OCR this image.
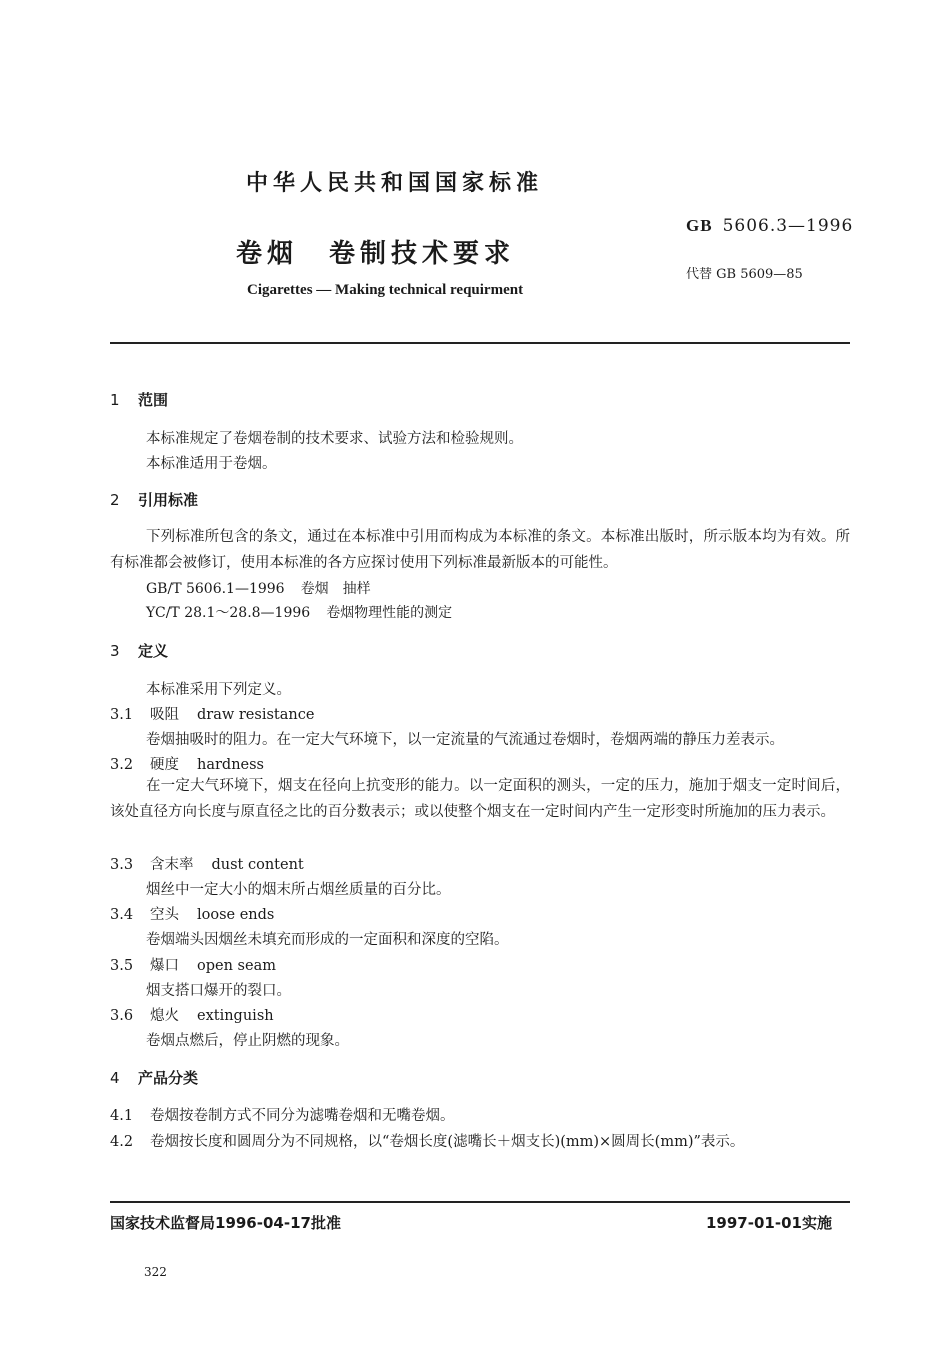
中华人民共和国国家标准
GB 5606.3—1996
卷烟　卷制技术要求
代替 GB 5609—85
Cigarettes — Making technical requirment
1 范围
本标准规定了卷烟卷制的技术要求、试验方法和检验规则。
本标准适用于卷烟。
2 引用标准
下列标准所包含的条文，通过在本标准中引用而构成为本标准的条文。本标准出版时，所示版本均为有效。所有标准都会被修订，使用本标准的各方应探讨使用下列标准最新版本的可能性。
GB/T 5606.1—1996 卷烟　抽样
YC/T 28.1～28.8—1996 卷烟物理性能的测定
3 定义
本标准采用下列定义。
3.1 吸阻 draw resistance
卷烟抽吸时的阻力。在一定大气环境下，以一定流量的气流通过卷烟时，卷烟两端的静压力差表示。
3.2 硬度 hardness
在一定大气环境下，烟支在径向上抗变形的能力。以一定面积的测头，一定的压力，施加于烟支一定时间后，该处直径方向长度与原直径之比的百分数表示；或以使整个烟支在一定时间内产生一定形变时所施加的压力表示。
3.3 含末率 dust content
烟丝中一定大小的烟末所占烟丝质量的百分比。
3.4 空头 loose ends
卷烟端头因烟丝未填充而形成的一定面积和深度的空陷。
3.5 爆口 open seam
烟支搭口爆开的裂口。
3.6 熄火 extinguish
卷烟点燃后，停止阴燃的现象。
4 产品分类
4.1 卷烟按卷制方式不同分为滤嘴卷烟和无嘴卷烟。
4.2 卷烟按长度和圆周分为不同规格，以“卷烟长度(滤嘴长＋烟支长)(mm)×圆周长(mm)”表示。
国家技术监督局1996-04-17批准	1997-01-01实施
322
